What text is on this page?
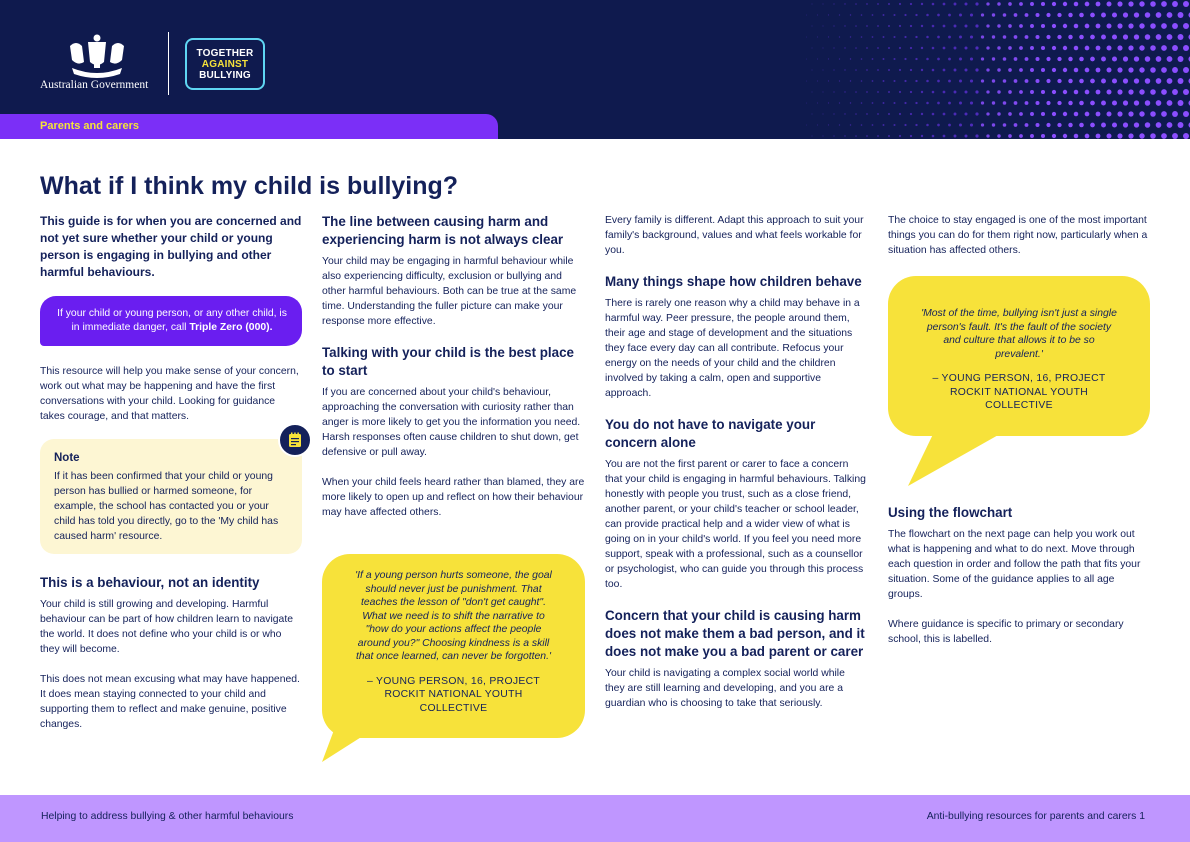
Australian Government
TOGETHER
AGAINST
BULLYING
Parents and carers
What if I think my child is bullying?

This guide is for when you are concerned and not yet sure whether your child or young person is engaging in bullying and other harmful behaviours.

If your child or young person, or any other child, is in immediate danger, call Triple Zero (000).

This resource will help you make sense of your concern, work out what may be happening and have the first conversations with your child. Looking for guidance takes courage, and that matters.

Note
If it has been confirmed that your child or young person has bullied or harmed someone, for example, the school has contacted you or your child has told you directly, go to the 'My child has caused harm' resource.
This is a behaviour, not an identity

Your child is still growing and developing. Harmful behaviour can be part of how children learn to navigate the world. It does not define who your child is or who they will become.

This does not mean excusing what may have happened. It does mean staying connected to your child and supporting them to reflect and make genuine, positive changes.

The line between causing harm and experiencing harm is not always clear

Your child may be engaging in harmful behaviour while also experiencing difficulty, exclusion or bullying and other harmful behaviours. Both can be true at the same time. Understanding the fuller picture can make your response more effective.

Talking with your child is the best place to start

If you are concerned about your child's behaviour, approaching the conversation with curiosity rather than anger is more likely to get you the information you need. Harsh responses often cause children to shut down, get defensive or pull away.

When your child feels heard rather than blamed, they are more likely to open up and reflect on how their behaviour may have affected others.

'If a young person hurts someone, the goal should never just be punishment. That teaches the lesson of "don't get caught". What we need is to shift the narrative to "how do your actions affect the people around you?" Choosing kindness is a skill that once learned, can never be forgotten.'
– YOUNG PERSON, 16, PROJECT ROCKIT NATIONAL YOUTH COLLECTIVE

Every family is different. Adapt this approach to suit your family's background, values and what feels workable for you.

Many things shape how children behave

There is rarely one reason why a child may behave in a harmful way. Peer pressure, the people around them, their age and stage of development and the situations they face every day can all contribute. Refocus your energy on the needs of your child and the children involved by taking a calm, open and supportive approach.

You do not have to navigate your concern alone

You are not the first parent or carer to face a concern that your child is engaging in harmful behaviours. Talking honestly with people you trust, such as a close friend, another parent, or your child's teacher or school leader, can provide practical help and a wider view of what is going on in your child's world. If you feel you need more support, speak with a professional, such as a counsellor or psychologist, who can guide you through this process too.

Concern that your child is causing harm does not make them a bad person, and it does not make you a bad parent or carer

Your child is navigating a complex social world while they are still learning and developing, and you are a guardian who is choosing to take that seriously.

The choice to stay engaged is one of the most important things you can do for them right now, particularly when a situation has affected others.

'Most of the time, bullying isn't just a single person's fault. It's the fault of the society and culture that allows it to be so prevalent.'
– YOUNG PERSON, 16, PROJECT ROCKIT NATIONAL YOUTH COLLECTIVE
Using the flowchart

The flowchart on the next page can help you work out what is happening and what to do next. Move through each question in order and follow the path that fits your situation. Some of the guidance applies to all age groups.

Where guidance is specific to primary or secondary school, this is labelled.

Helping to address bullying & other harmful behaviours	Anti-bullying resources for parents and carers 1
